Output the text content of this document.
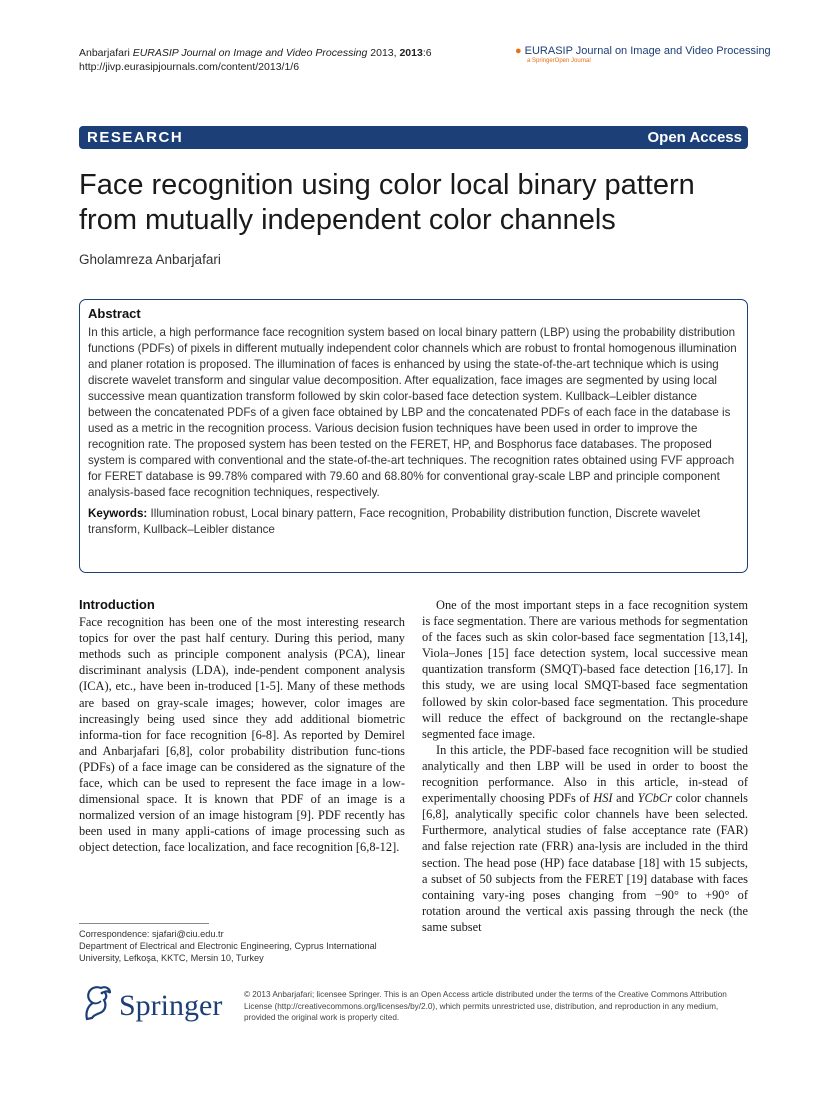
Anbarjafari EURASIP Journal on Image and Video Processing 2013, 2013:6
http://jivp.eurasipjournals.com/content/2013/1/6
● EURASIP Journal on Image and Video Processing
a SpringerOpen Journal
RESEARCH	Open Access
Face recognition using color local binary pattern
from mutually independent color channels
Gholamreza Anbarjafari
Abstract

In this article, a high performance face recognition system based on local binary pattern (LBP) using the probability distribution functions (PDFs) of pixels in different mutually independent color channels which are robust to frontal homogenous illumination and planer rotation is proposed. The illumination of faces is enhanced by using the state-of-the-art technique which is using discrete wavelet transform and singular value decomposition. After equalization, face images are segmented by using local successive mean quantization transform followed by skin color-based face detection system. Kullback–Leibler distance between the concatenated PDFs of a given face obtained by LBP and the concatenated PDFs of each face in the database is used as a metric in the recognition process. Various decision fusion techniques have been used in order to improve the recognition rate. The proposed system has been tested on the FERET, HP, and Bosphorus face databases. The proposed system is compared with conventional and the state-of-the-art techniques. The recognition rates obtained using FVF approach for FERET database is 99.78% compared with 79.60 and 68.80% for conventional gray-scale LBP and principle component analysis-based face recognition techniques, respectively.

Keywords: Illumination robust, Local binary pattern, Face recognition, Probability distribution function, Discrete wavelet transform, Kullback–Leibler distance

Introduction

Face recognition has been one of the most interesting research topics for over the past half century. During this period, many methods such as principle component analysis (PCA), linear discriminant analysis (LDA), inde-pendent component analysis (ICA), etc., have been in-troduced [1-5]. Many of these methods are based on gray-scale images; however, color images are increasingly being used since they add additional biometric informa-tion for face recognition [6-8]. As reported by Demirel and Anbarjafari [6,8], color probability distribution func-tions (PDFs) of a face image can be considered as the signature of the face, which can be used to represent the face image in a low-dimensional space. It is known that PDF of an image is a normalized version of an image histogram [9]. PDF recently has been used in many appli-cations of image processing such as object detection, face localization, and face recognition [6,8-12].

One of the most important steps in a face recognition system is face segmentation. There are various methods for segmentation of the faces such as skin color-based face segmentation [13,14], Viola–Jones [15] face detection system, local successive mean quantization transform (SMQT)-based face detection [16,17]. In this study, we are using local SMQT-based face segmentation followed by skin color-based face segmentation. This procedure will reduce the effect of background on the rectangle-shape segmented face image.

In this article, the PDF-based face recognition will be studied analytically and then LBP will be used in order to boost the recognition performance. Also in this article, in-stead of experimentally choosing PDFs of HSI and YCbCr color channels [6,8], analytically specific color channels have been selected. Furthermore, analytical studies of false acceptance rate (FAR) and false rejection rate (FRR) ana-lysis are included in the third section. The head pose (HP) face database [18] with 15 subjects, a subset of 50 subjects from the FERET [19] database with faces containing vary-ing poses changing from −90° to +90° of rotation around the vertical axis passing through the neck (the same subset

Correspondence: sjafari@ciu.edu.tr
Department of Electrical and Electronic Engineering, Cyprus International University, Lefkoşa, KKTC, Mersin 10, Turkey
Springer	© 2013 Anbarjafari; licensee Springer. This is an Open Access article distributed under the terms of the Creative Commons Attribution License (http://creativecommons.org/licenses/by/2.0), which permits unrestricted use, distribution, and reproduction in any medium, provided the original work is properly cited.
